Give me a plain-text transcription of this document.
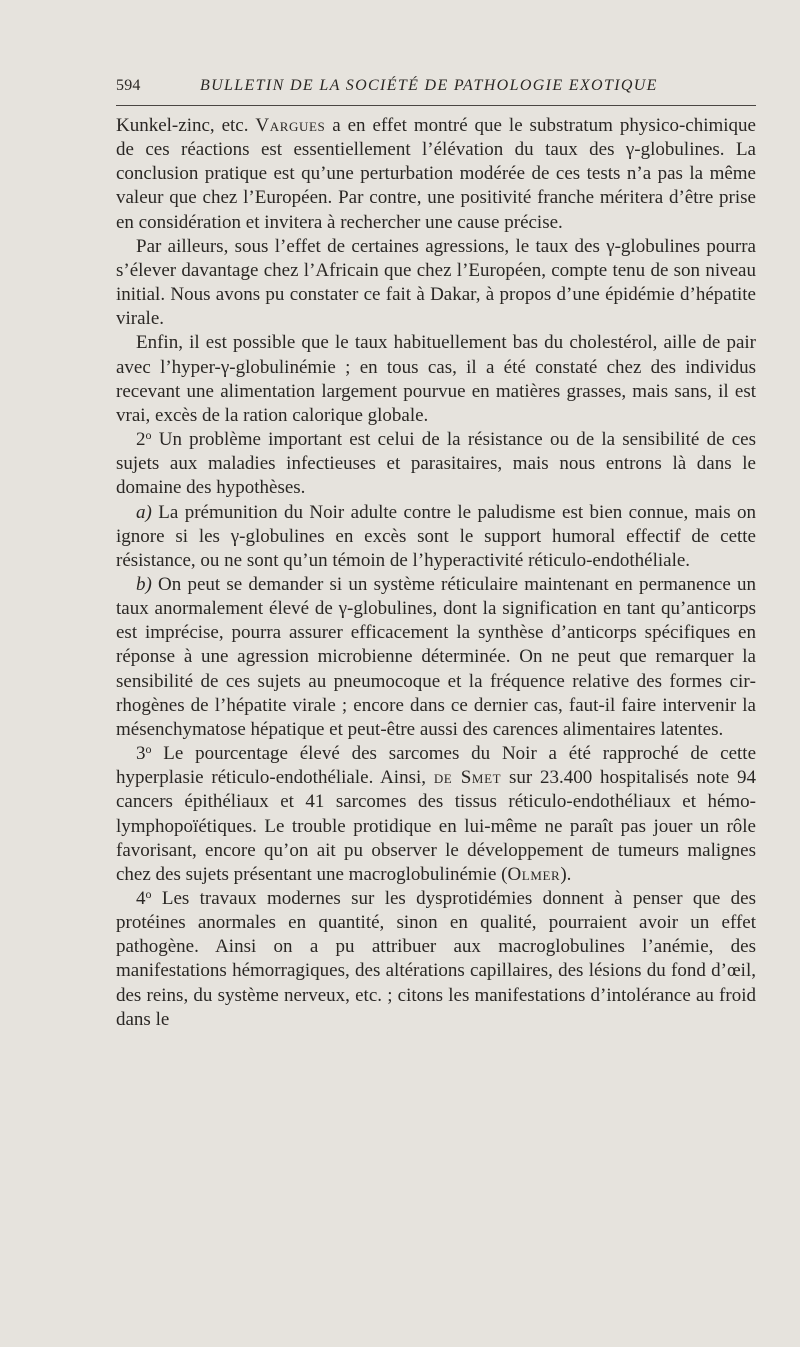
594	BULLETIN DE LA SOCIÉTÉ DE PATHOLOGIE EXOTIQUE

Kunkel-zinc, etc. Vargues a en effet montré que le substratum physico-chimique de ces réactions est essentiellement l’élévation du taux des γ-globulines. La conclusion pratique est qu’une perturbation modérée de ces tests n’a pas la même valeur que chez l’Européen. Par contre, une positivité franche méritera d’être prise en considération et invitera à rechercher une cause précise.

Par ailleurs, sous l’effet de certaines agressions, le taux des γ-globulines pourra s’élever davantage chez l’Africain que chez l’Européen, compte tenu de son niveau initial. Nous avons pu constater ce fait à Dakar, à propos d’une épidémie d’hépatite virale.

Enfin, il est possible que le taux habituellement bas du cholestérol, aille de pair avec l’hyper-γ-globulinémie ; en tous cas, il a été constaté chez des individus recevant une alimentation largement pourvue en matières grasses, mais sans, il est vrai, excès de la ration calorique globale.

2$^o$ Un problème important est celui de la résistance ou de la sensibilité de ces sujets aux maladies infectieuses et parasitaires, mais nous entrons là dans le domaine des hypothèses.

a) La prémunition du Noir adulte contre le paludisme est bien connue, mais on ignore si les γ-globulines en excès sont le support humoral effectif de cette résistance, ou ne sont qu’un témoin de l’hyperactivité réticulo-endothéliale.

b) On peut se demander si un système réticulaire maintenant en permanence un taux anormalement élevé de γ-globulines, dont la signification en tant qu’anticorps est imprécise, pourra assurer efficacement la synthèse d’anticorps spécifiques en réponse à une agression microbienne déterminée. On ne peut que remarquer la sensibilité de ces sujets au pneumocoque et la fréquence relative des formes cirrhogènes de l’hépatite virale ; encore dans ce dernier cas, faut-il faire intervenir la mésenchymatose hépatique et peut-être aussi des carences alimentaires latentes.

3$^o$ Le pourcentage élevé des sarcomes du Noir a été rapproché de cette hyperplasie réticulo-endothéliale. Ainsi, de Smet sur 23.400 hospitalisés note 94 cancers épithéliaux et 41 sarcomes des tissus réticulo-endothéliaux et hémo-lymphopoïétiques. Le trouble protidique en lui-même ne paraît pas jouer un rôle favorisant, encore qu’on ait pu observer le développement de tumeurs malignes chez des sujets présentant une macroglobulinémie (Olmer).

4$^o$ Les travaux modernes sur les dysprotidémies donnent à penser que des protéines anormales en quantité, sinon en qualité, pourraient avoir un effet pathogène. Ainsi on a pu attribuer aux macroglobulines l’anémie, des manifestations hémorragiques, des altérations capillaires, des lésions du fond d’œil, des reins, du système nerveux, etc. ; citons les manifestations d’intolérance au froid dans le
